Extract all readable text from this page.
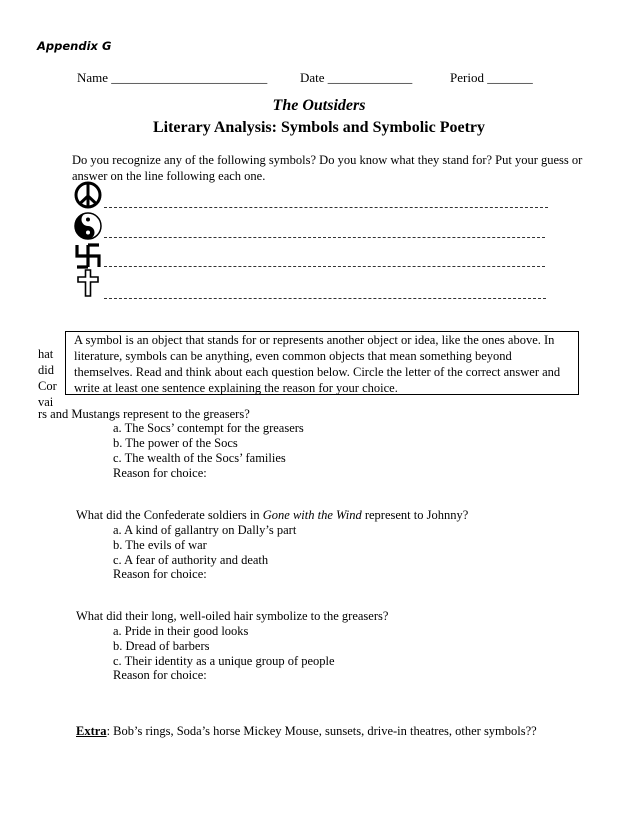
Appendix G
Name ________________________	Date _____________	Period _______
The Outsiders
Literary Analysis: Symbols and Symbolic Poetry
Do you recognize any of the following symbols? Do you know what they stand for? Put your guess or answer on the line following each one.
hat
did
Cor
vai

A symbol is an object that stands for or represents another object or idea, like the ones above. In

literature, symbols can be anything, even common objects that mean something beyond

themselves. Read and think about each question below. Circle the letter of the correct answer and

write at least one sentence explaining the reason for your choice.

rs and Mustangs represent to the greasers?
a. The Socs’ contempt for the greasers
b. The power of the Socs
c. The wealth of the Socs’ families
Reason for choice:
What did the Confederate soldiers in Gone with the Wind represent to Johnny?
a. A kind of gallantry on Dally’s part
b. The evils of war
c. A fear of authority and death
Reason for choice:
What did their long, well-oiled hair symbolize to the greasers?
a. Pride in their good looks
b. Dread of barbers
c. Their identity as a unique group of people
Reason for choice:
Extra: Bob’s rings, Soda’s horse Mickey Mouse, sunsets, drive-in theatres, other symbols??
